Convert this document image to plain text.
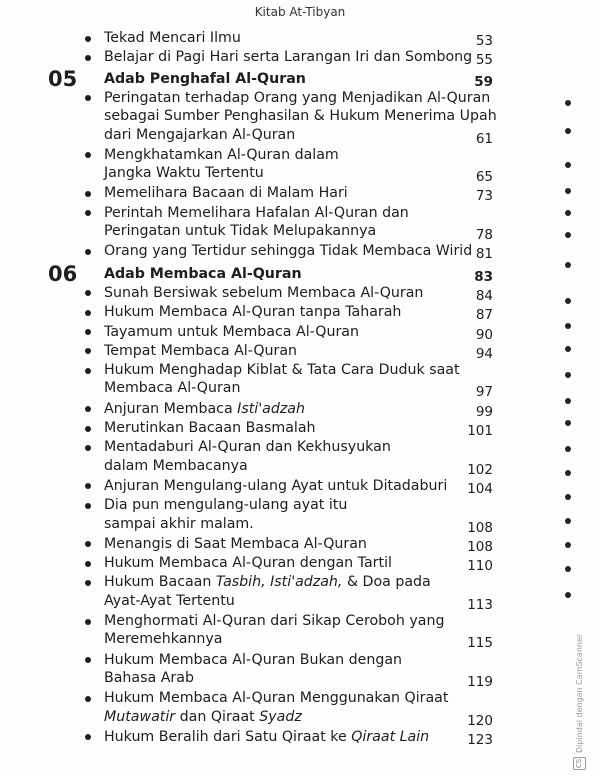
Kitab At-Tibyan
Tekad Mencari Ilmu	53
Belajar di Pagi Hari serta Larangan Iri dan Sombong 55
05 Adab Penghafal Al-Quran	59
Peringatan terhadap Orang yang Menjadikan Al-Quran
sebagai Sumber Penghasilan & Hukum Menerima Upah
dari Mengajarkan Al-Quran	61
Mengkhatamkan Al-Quran dalam
Jangka Waktu Tertentu	65
Memelihara Bacaan di Malam Hari	73
Perintah Memelihara Hafalan Al-Quran dan
Peringatan untuk Tidak Melupakannya	78
Orang yang Tertidur sehingga Tidak Membaca Wirid 81
06 Adab Membaca Al-Quran	83
Sunah Bersiwak sebelum Membaca Al-Quran	84
Hukum Membaca Al-Quran tanpa Taharah	87
Tayamum untuk Membaca Al-Quran	90
Tempat Membaca Al-Quran	94
Hukum Menghadap Kiblat & Tata Cara Duduk saat
Membaca Al-Quran	97
Anjuran Membaca Isti'adzah	99
Merutinkan Bacaan Basmalah	101
Mentadaburi Al-Quran dan Kekhusyukan
dalam Membacanya	102
Anjuran Mengulang-ulang Ayat untuk Ditadaburi	104
Dia pun mengulang-ulang ayat itu
sampai akhir malam.	108
Menangis di Saat Membaca Al-Quran	108
Hukum Membaca Al-Quran dengan Tartil	110
Hukum Bacaan Tasbih, Isti'adzah, & Doa pada
Ayat-Ayat Tertentu	113
Menghormati Al-Quran dari Sikap Ceroboh yang
Meremehkannya	115
Hukum Membaca Al-Quran Bukan dengan
Bahasa Arab	119
Hukum Membaca Al-Quran Menggunakan Qiraat
Mutawatir dan Qiraat Syadz	120
Hukum Beralih dari Satu Qiraat ke Qiraat Lain	123
CS
Dipindai dengan CamScanner
